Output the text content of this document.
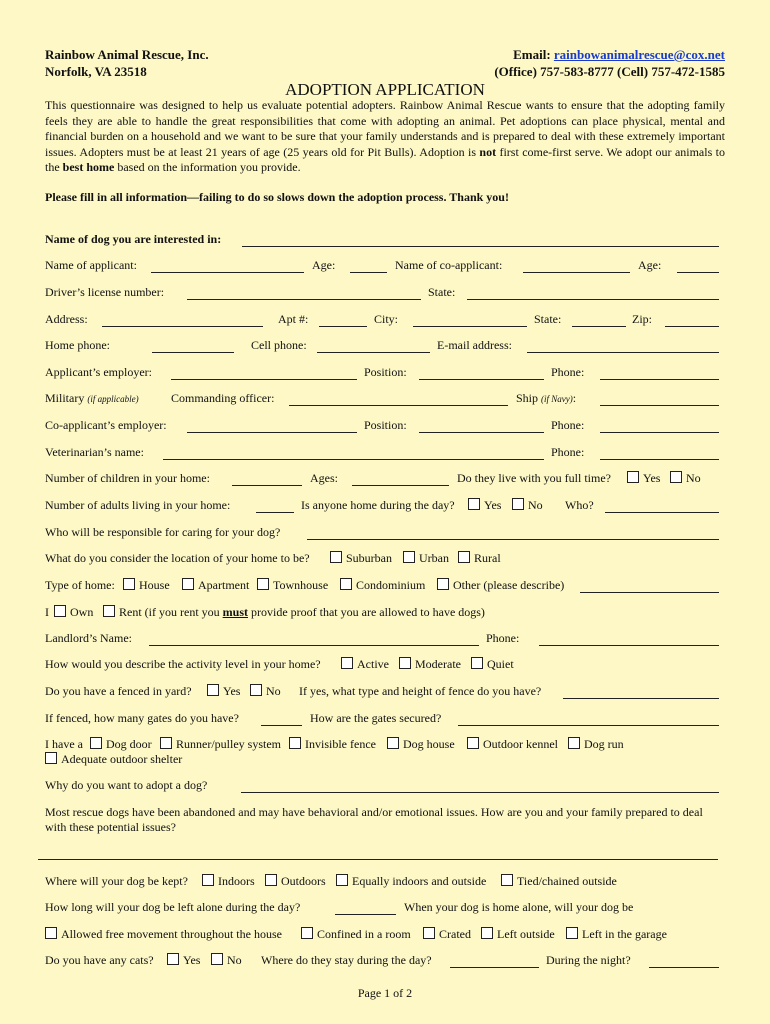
Rainbow Animal Rescue, Inc.
Norfolk, VA 23518
Email: rainbowanimalrescue@cox.net
(Office) 757-583-8777 (Cell) 757-472-1585
ADOPTION APPLICATION
This questionnaire was designed to help us evaluate potential adopters. Rainbow Animal Rescue wants to ensure that the adopting family feels they are able to handle the great responsibilities that come with adopting an animal. Pet adoptions can place physical, mental and financial burden on a household and we want to be sure that your family understands and is prepared to deal with these extremely important issues. Adopters must be at least 21 years of age (25 years old for Pit Bulls). Adoption is not first come-first serve. We adopt our animals to the best home based on the information you provide.
Please fill in all information—failing to do so slows down the adoption process. Thank you!
Name of dog you are interested in:
Name of applicant:	Age:	Name of co-applicant:	Age:
Driver’s license number:	State:
Address:	Apt #:	City:	State:	Zip:
Home phone:	Cell phone:	E-mail address:
Applicant’s employer:	Position:	Phone:
Military (if applicable)	Commanding officer:	Ship (if Navy):
Co-applicant’s employer:	Position:	Phone:
Veterinarian’s name:	Phone:
Number of children in your home:	Ages:	Do they live with you full time?	Yes	No
Number of adults living in your home:	Is anyone home during the day?	Yes	No Who?
Who will be responsible for caring for your dog?
What do you consider the location of your home to be?	Suburban	Urban	Rural
Type of home:	House	Apartment	Townhouse	Condominium	Other (please describe)
I	Own	Rent (if you rent you must provide proof that you are allowed to have dogs)
Landlord’s Name:	Phone:
How would you describe the activity level in your home?	Active	Moderate	Quiet
Do you have a fenced in yard?	Yes	No If yes, what type and height of fence do you have?
If fenced, how many gates do you have?	How are the gates secured?
I have a	Dog door	Runner/pulley system	Invisible fence	Dog house	Outdoor kennel	Dog run
Adequate outdoor shelter
Why do you want to adopt a dog?
Most rescue dogs have been abandoned and may have behavioral and/or emotional issues. How are you and your family prepared to deal with these potential issues?
Where will your dog be kept?	Indoors	Outdoors	Equally indoors and outside	Tied/chained outside
How long will your dog be left alone during the day?	When your dog is home alone, will your dog be
Allowed free movement throughout the house	Confined in a room	Crated	Left outside	Left in the garage
Do you have any cats?	Yes	No Where do they stay during the day?	During the night?
Page 1 of 2
